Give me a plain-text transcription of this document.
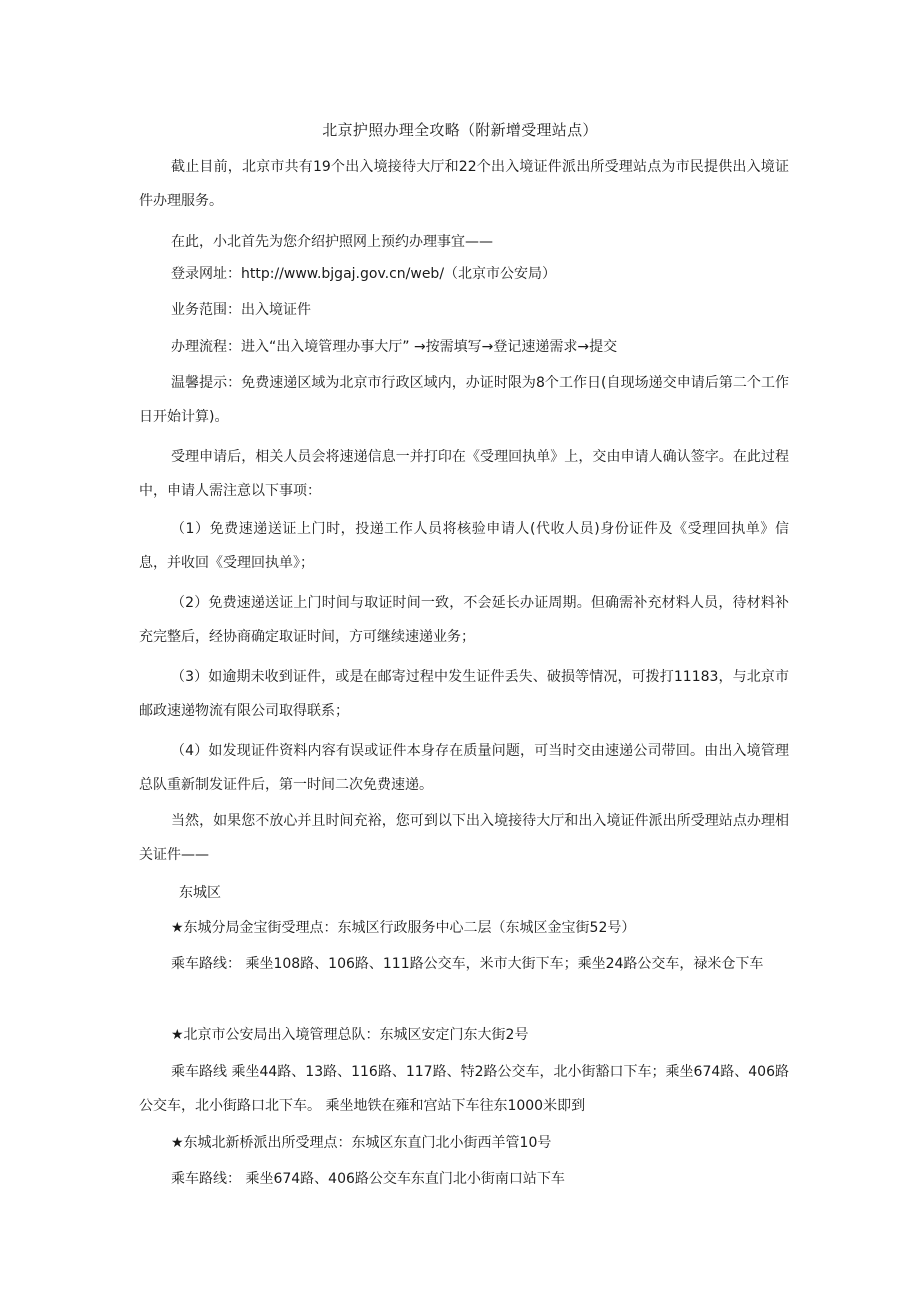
北京护照办理全攻略（附新增受理站点）

截止目前，北京市共有19个出入境接待大厅和22个出入境证件派出所受理站点为市民提供出入境证件办理服务。

在此，小北首先为您介绍护照网上预约办理事宜——

登录网址：http://www.bjgaj.gov.cn/web/（北京市公安局）

业务范围：出入境证件

办理流程：进入“出入境管理办事大厅” →按需填写→登记速递需求→提交

温馨提示：免费速递区域为北京市行政区域内，办证时限为8个工作日(自现场递交申请后第二个工作日开始计算)。

受理申请后，相关人员会将速递信息一并打印在《受理回执单》上，交由申请人确认签字。在此过程中，申请人需注意以下事项：

（1）免费速递送证上门时，投递工作人员将核验申请人(代收人员)身份证件及《受理回执单》信息，并收回《受理回执单》；

（2）免费速递送证上门时间与取证时间一致，不会延长办证周期。但确需补充材料人员，待材料补充完整后，经协商确定取证时间，方可继续速递业务；

（3）如逾期未收到证件，或是在邮寄过程中发生证件丢失、破损等情况，可拨打11183，与北京市邮政速递物流有限公司取得联系；

（4）如发现证件资料内容有误或证件本身存在质量问题，可当时交由速递公司带回。由出入境管理总队重新制发证件后，第一时间二次免费速递。

当然，如果您不放心并且时间充裕，您可到以下出入境接待大厅和出入境证件派出所受理站点办理相关证件——

东城区

★东城分局金宝街受理点：东城区行政服务中心二层（东城区金宝街52号）

乘车路线： 乘坐108路、106路、111路公交车，米市大街下车；乘坐24路公交车，禄米仓下车

★北京市公安局出入境管理总队：东城区安定门东大街2号

乘车路线 乘坐44路、13路、116路、117路、特2路公交车，北小街豁口下车；乘坐674路、406路公交车，北小街路口北下车。 乘坐地铁在雍和宫站下车往东1000米即到

★东城北新桥派出所受理点：东城区东直门北小街西羊管10号

乘车路线： 乘坐674路、406路公交车东直门北小街南口站下车
